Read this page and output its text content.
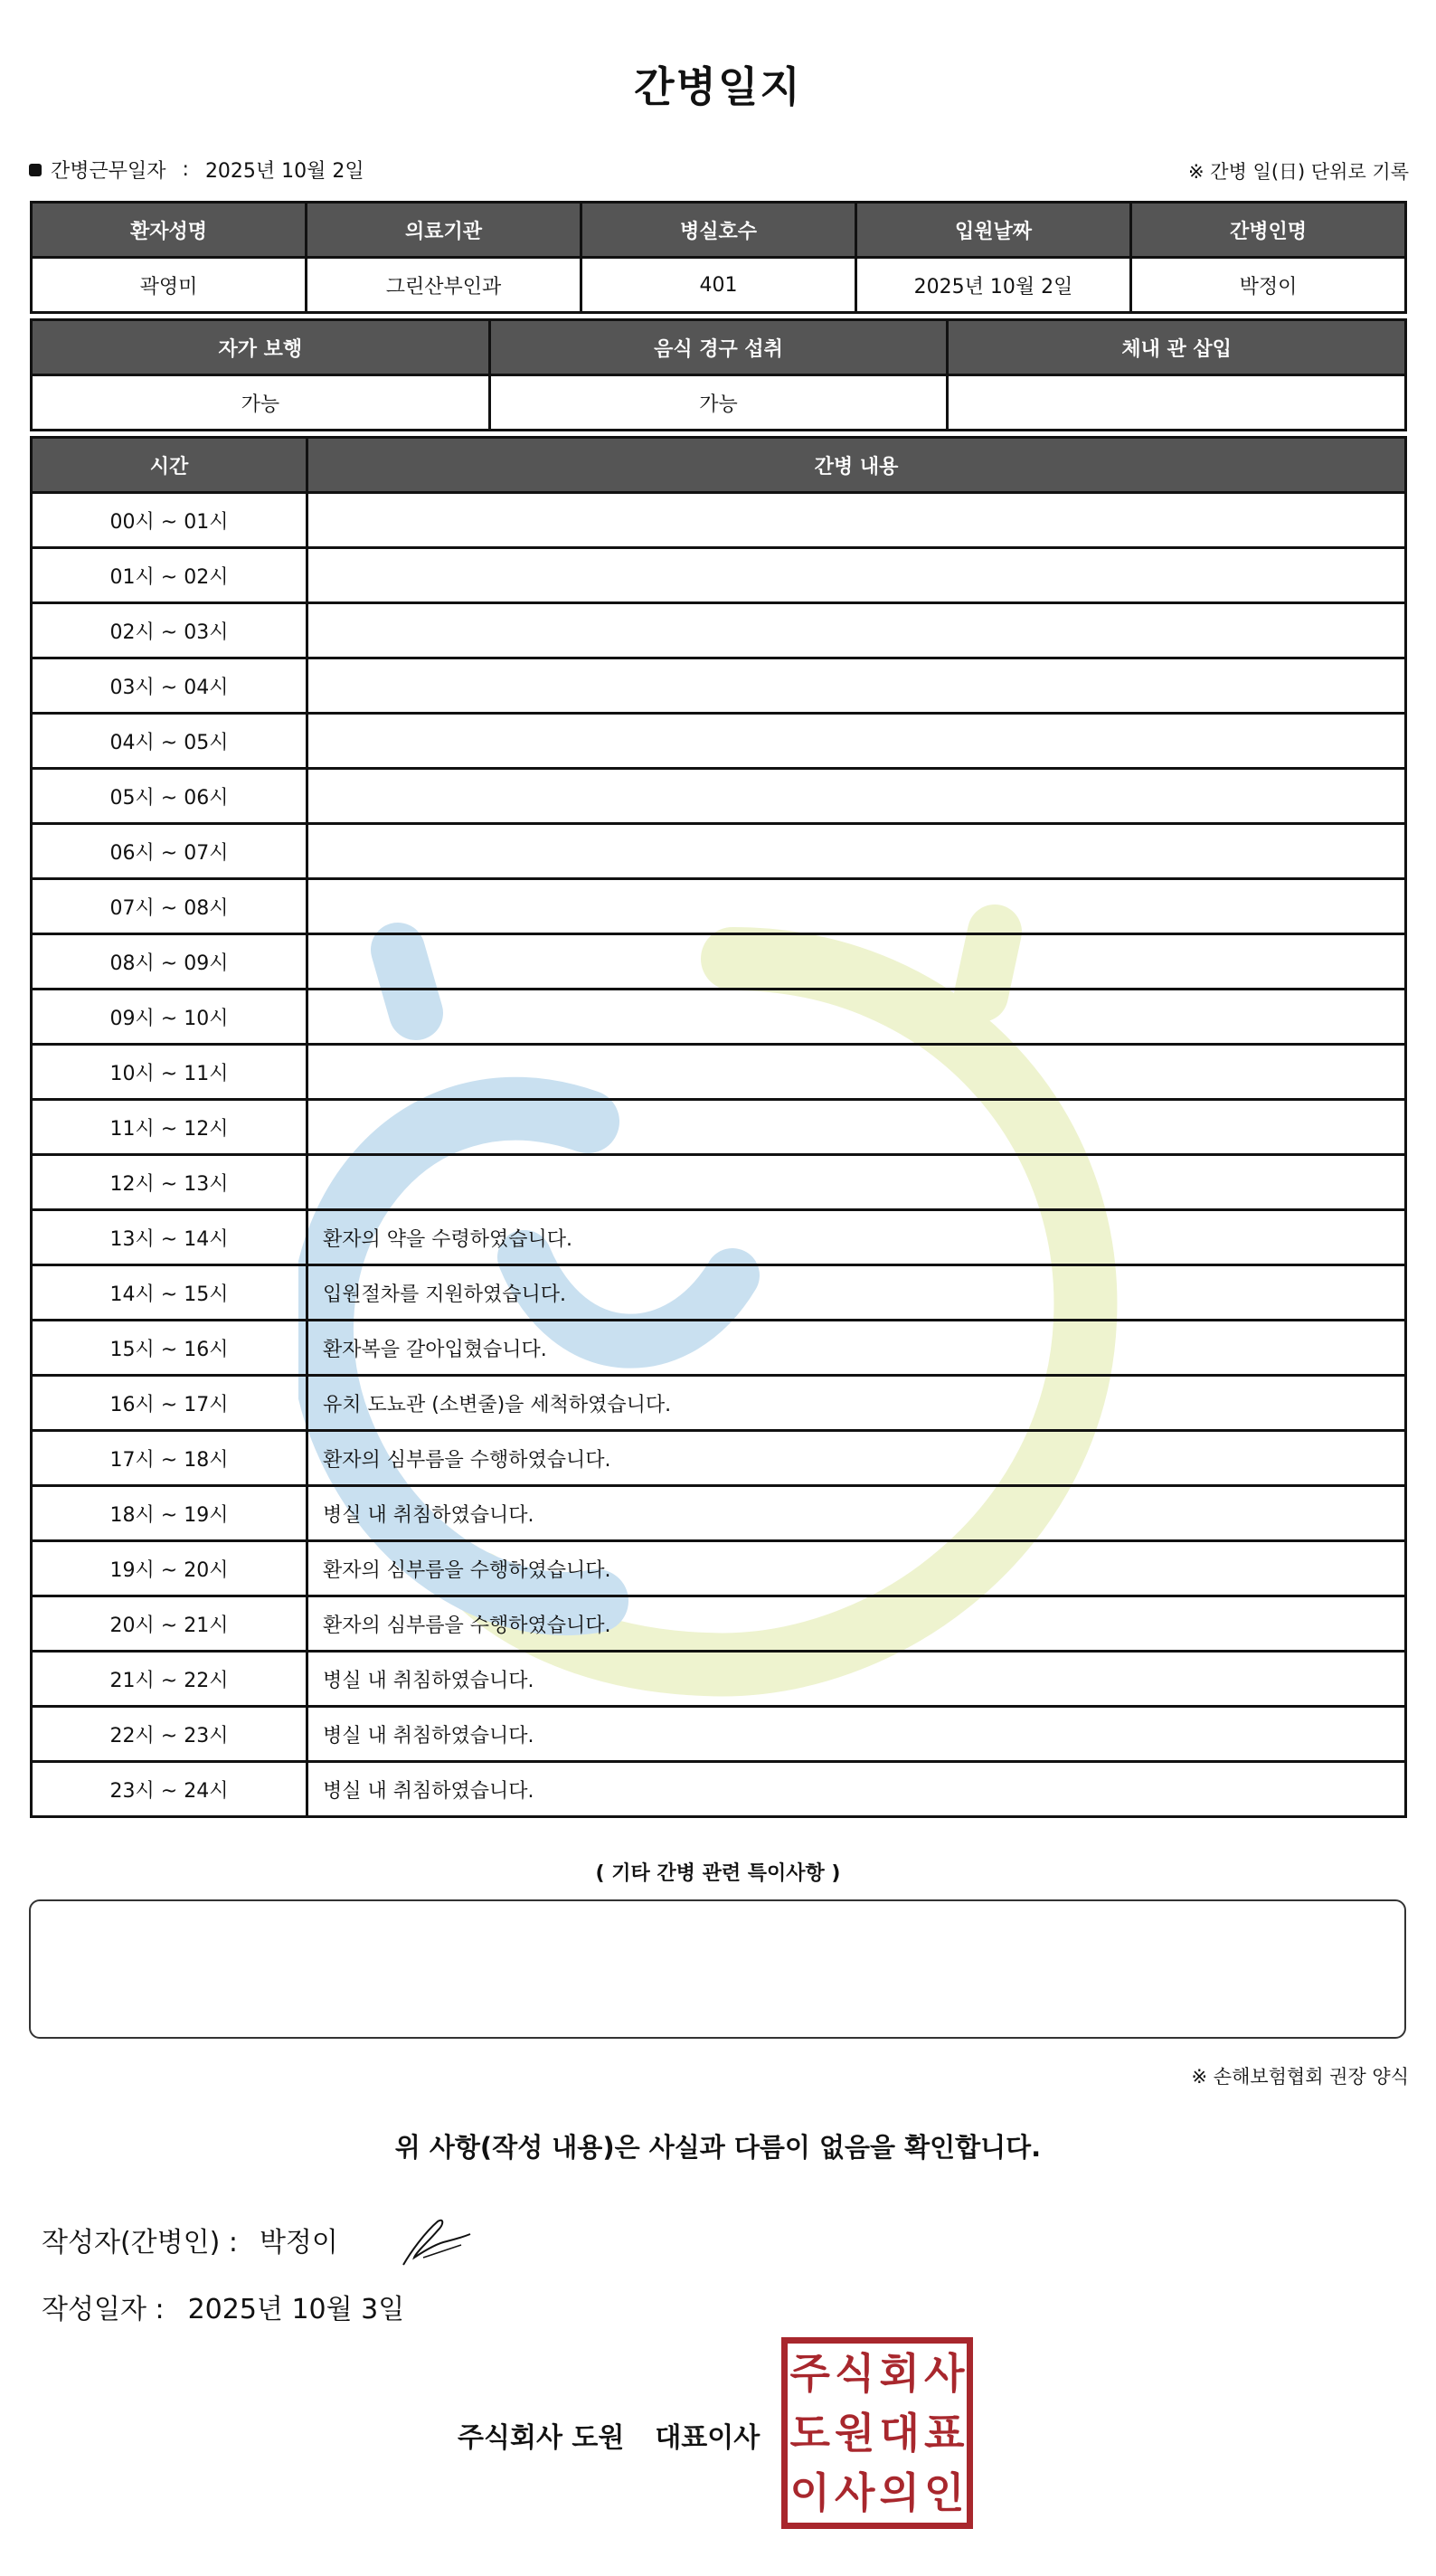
간병일지
간병근무일자 : 2025년 10월 2일	※ 간병 일(日) 단위로 기록
환자성명	의료기관	병실호수	입원날짜	간병인명
곽영미	그린산부인과	401	2025년 10월 2일	박정이
자가 보행	음식 경구 섭취	체내 관 삽입
가능	가능	
시간	간병 내용
00시 ~ 01시	
01시 ~ 02시	
02시 ~ 03시	
03시 ~ 04시	
04시 ~ 05시	
05시 ~ 06시	
06시 ~ 07시	
07시 ~ 08시	
08시 ~ 09시	
09시 ~ 10시	
10시 ~ 11시	
11시 ~ 12시	
12시 ~ 13시	
13시 ~ 14시	환자의 약을 수령하였습니다.
14시 ~ 15시	입원절차를 지원하였습니다.
15시 ~ 16시	환자복을 갈아입혔습니다.
16시 ~ 17시	유치 도뇨관 (소변줄)을 세척하였습니다.
17시 ~ 18시	환자의 심부름을 수행하였습니다.
18시 ~ 19시	병실 내 취침하였습니다.
19시 ~ 20시	환자의 심부름을 수행하였습니다.
20시 ~ 21시	환자의 심부름을 수행하였습니다.
21시 ~ 22시	병실 내 취침하였습니다.
22시 ~ 23시	병실 내 취침하였습니다.
23시 ~ 24시	병실 내 취침하였습니다.
( 기타 간병 관련 특이사항 )
※ 손해보험협회 권장 양식
위 사항(작성 내용)은 사실과 다름이 없음을 확인합니다.
작성자(간병인) : 박정이
작성일자 : 2025년 10월 3일
주식회사 도원 대표이사
주 식 회 사
도 원 대 표
이 사 의 인
